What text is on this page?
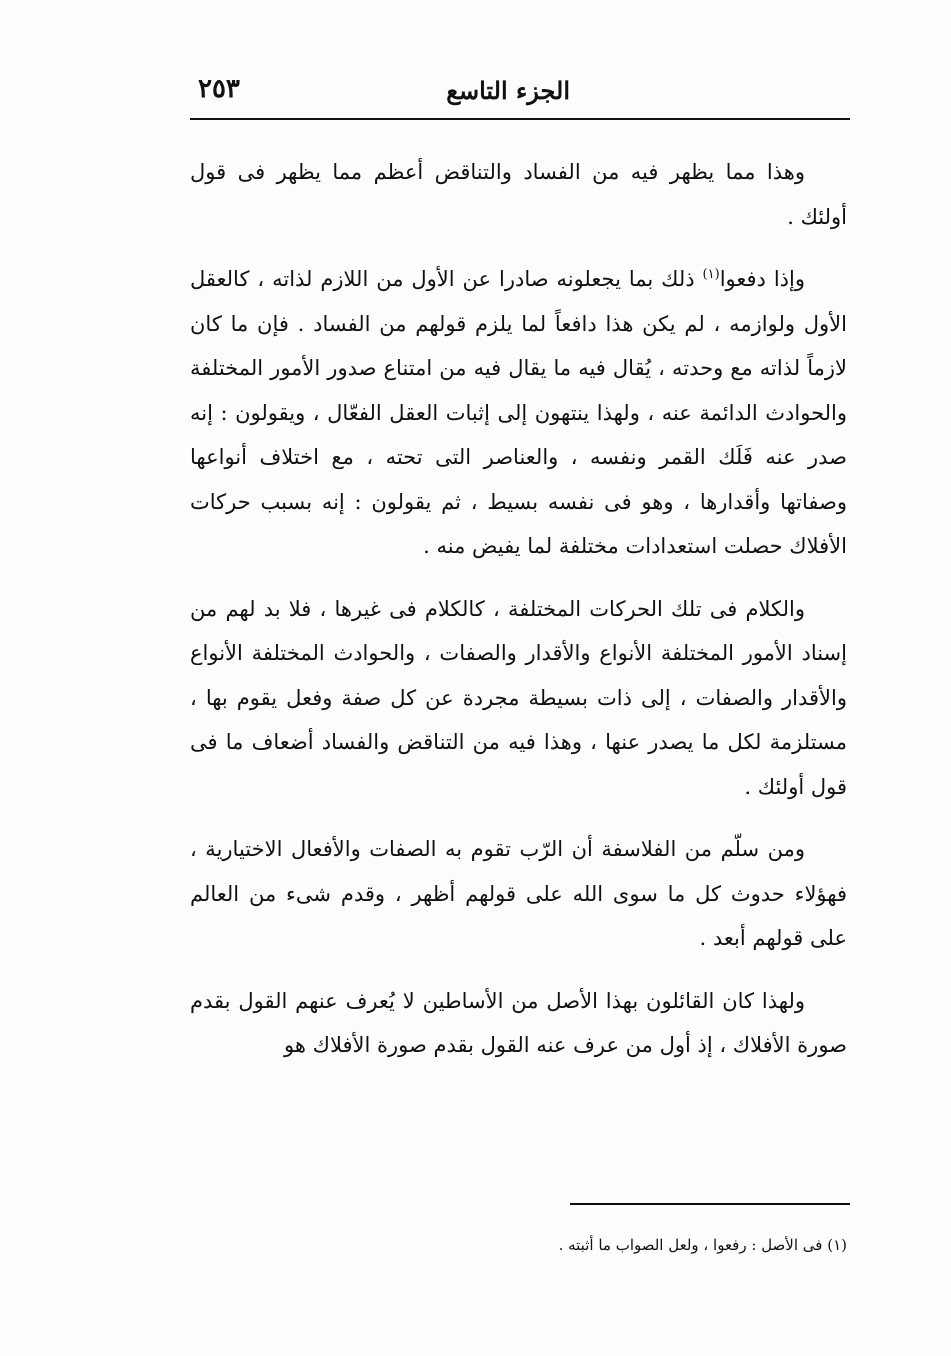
الجزء التاسع
٢٥٣

وهذا مما يظهر فيه من الفساد والتناقض أعظم مما يظهر فى قول أولئك .

وإذا دفعوا$^{(١)}$ ذلك بما يجعلونه صادرا عن الأول من اللازم لذاته ، كالعقل الأول ولوازمه ، لم يكن هذا دافعاً لما يلزم قولهم من الفساد . فإن ما كان لازماً لذاته مع وحدته ، يُقال فيه ما يقال فيه من امتناع صدور الأمور المختلفة والحوادث الدائمة عنه ، ولهذا ينتهون إلى إثبات العقل الفعّال ، ويقولون : إنه صدر عنه فَلَك القمر ونفسه ، والعناصر التى تحته ، مع اختلاف أنواعها وصفاتها وأقدارها ، وهو فى نفسه بسيط ، ثم يقولون : إنه بسبب حركات الأفلاك حصلت استعدادات مختلفة لما يفيض منه .

والكلام فى تلك الحركات المختلفة ، كالكلام فى غيرها ، فلا بد لهم من إسناد الأمور المختلفة الأنواع والأقدار والصفات ، والحوادث المختلفة الأنواع والأقدار والصفات ، إلى ذات بسيطة مجردة عن كل صفة وفعل يقوم بها ، مستلزمة لكل ما يصدر عنها ، وهذا فيه من التناقض والفساد أضعاف ما فى قول أولئك .

ومن سلّم من الفلاسفة أن الرّب تقوم به الصفات والأفعال الاختيارية ، فهؤلاء حدوث كل ما سوى الله على قولهم أظهر ، وقدم شىء من العالم على قولهم أبعد .

ولهذا كان القائلون بهذا الأصل من الأساطين لا يُعرف عنهم القول بقدم صورة الأفلاك ، إذ أول من عرف عنه القول بقدم صورة الأفلاك هو

(١) فى الأصل : رفعوا ، ولعل الصواب ما أثبته .
